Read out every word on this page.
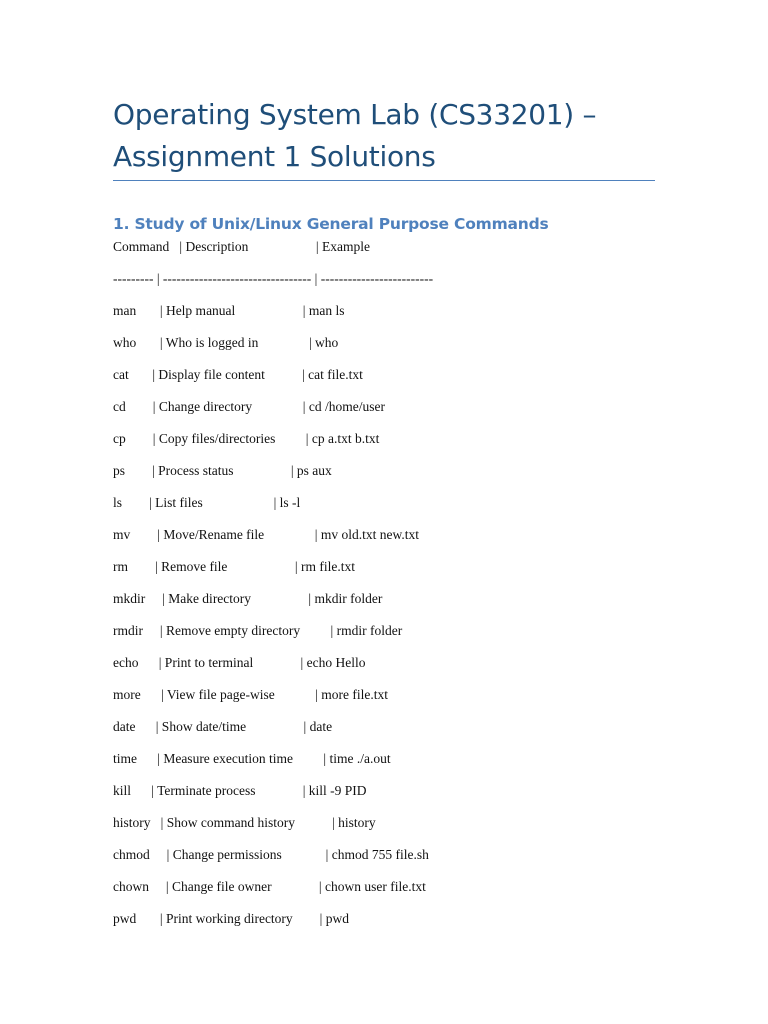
Operating System Lab (CS33201) – Assignment 1 Solutions
1. Study of Unix/Linux General Purpose Commands

Command   | Description                    | Example

--------- | --------------------------------- | -------------------------

man       | Help manual                    | man ls

who       | Who is logged in               | who

cat       | Display file content           | cat file.txt

cd        | Change directory               | cd /home/user

cp        | Copy files/directories         | cp a.txt b.txt

ps        | Process status                 | ps aux

ls        | List files                     | ls -l

mv        | Move/Rename file               | mv old.txt new.txt

rm        | Remove file                    | rm file.txt

mkdir     | Make directory                 | mkdir folder

rmdir     | Remove empty directory         | rmdir folder

echo      | Print to terminal              | echo Hello

more      | View file page-wise            | more file.txt

date      | Show date/time                 | date

time      | Measure execution time         | time ./a.out

kill      | Terminate process              | kill -9 PID

history   | Show command history           | history

chmod     | Change permissions             | chmod 755 file.sh

chown     | Change file owner              | chown user file.txt

pwd       | Print working directory        | pwd
